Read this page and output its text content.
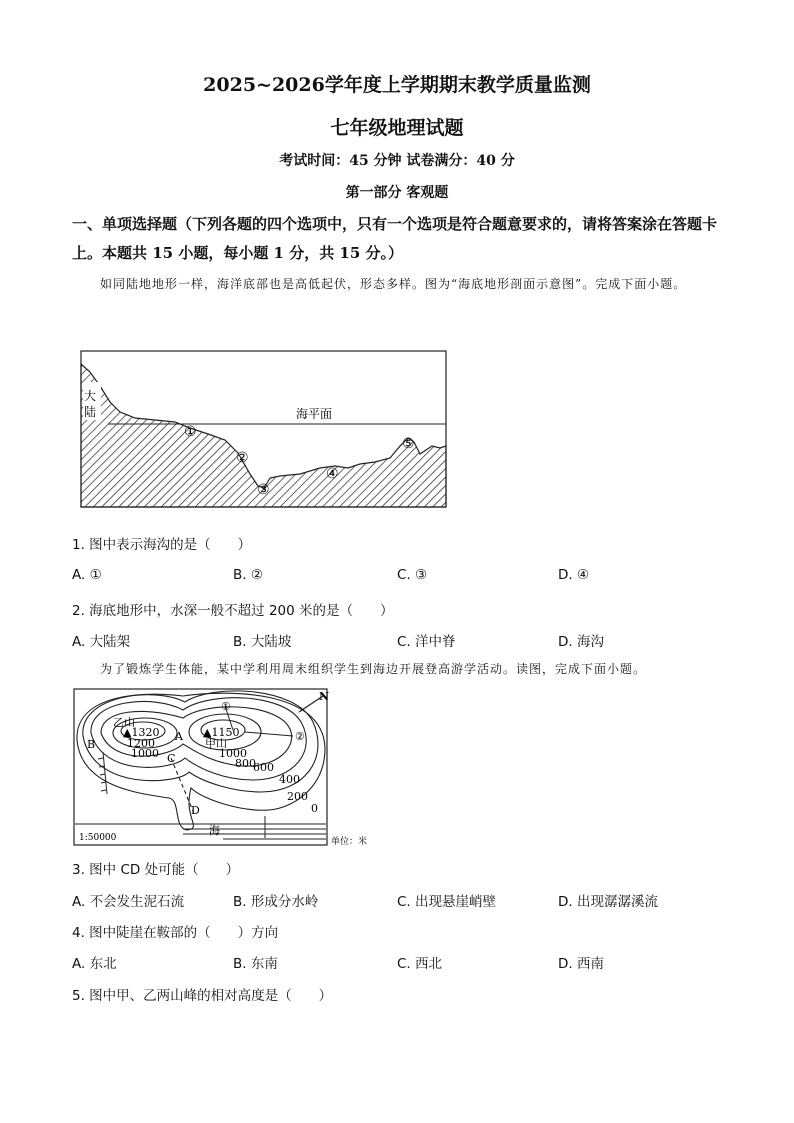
2025~2026学年度上学期期末教学质量监测
七年级地理试题
考试时间：45 分钟 试卷满分：40 分
第一部分 客观题
一、单项选择题（下列各题的四个选项中，只有一个选项是符合题意要求的，请将答案涂在答题卡上。本题共 15 小题，每小题 1 分，共 15 分。）
如同陆地地形一样，海洋底部也是高低起伏，形态多样。图为“海底地形剖面示意图”。完成下面小题。
大陆	海平面
①
②
③
④
⑤
1. 图中表示海沟的是（　　）
A. ①	B. ②	C. ③	D. ④
2. 海底地形中，水深一般不超过 200 米的是（　　）
A. 大陆架	B. 大陆坡	C. 洋中脊	D. 海沟
为了锻炼学生体能，某中学利用周末组织学生到海边开展登高游学活动。读图，完成下面小题。
N
乙山
▲1320
1200
1000
▲1150
甲山
1000
800
600
400
200
0
A
B
C
D
①
②
海
1:50000	单位：米
3. 图中 CD 处可能（　　）
A. 不会发生泥石流	B. 形成分水岭	C. 出现悬崖峭壁	D. 出现潺潺溪流
4. 图中陡崖在鞍部的（　　）方向
A. 东北	B. 东南	C. 西北	D. 西南
5. 图中甲、乙两山峰的相对高度是（　　）
